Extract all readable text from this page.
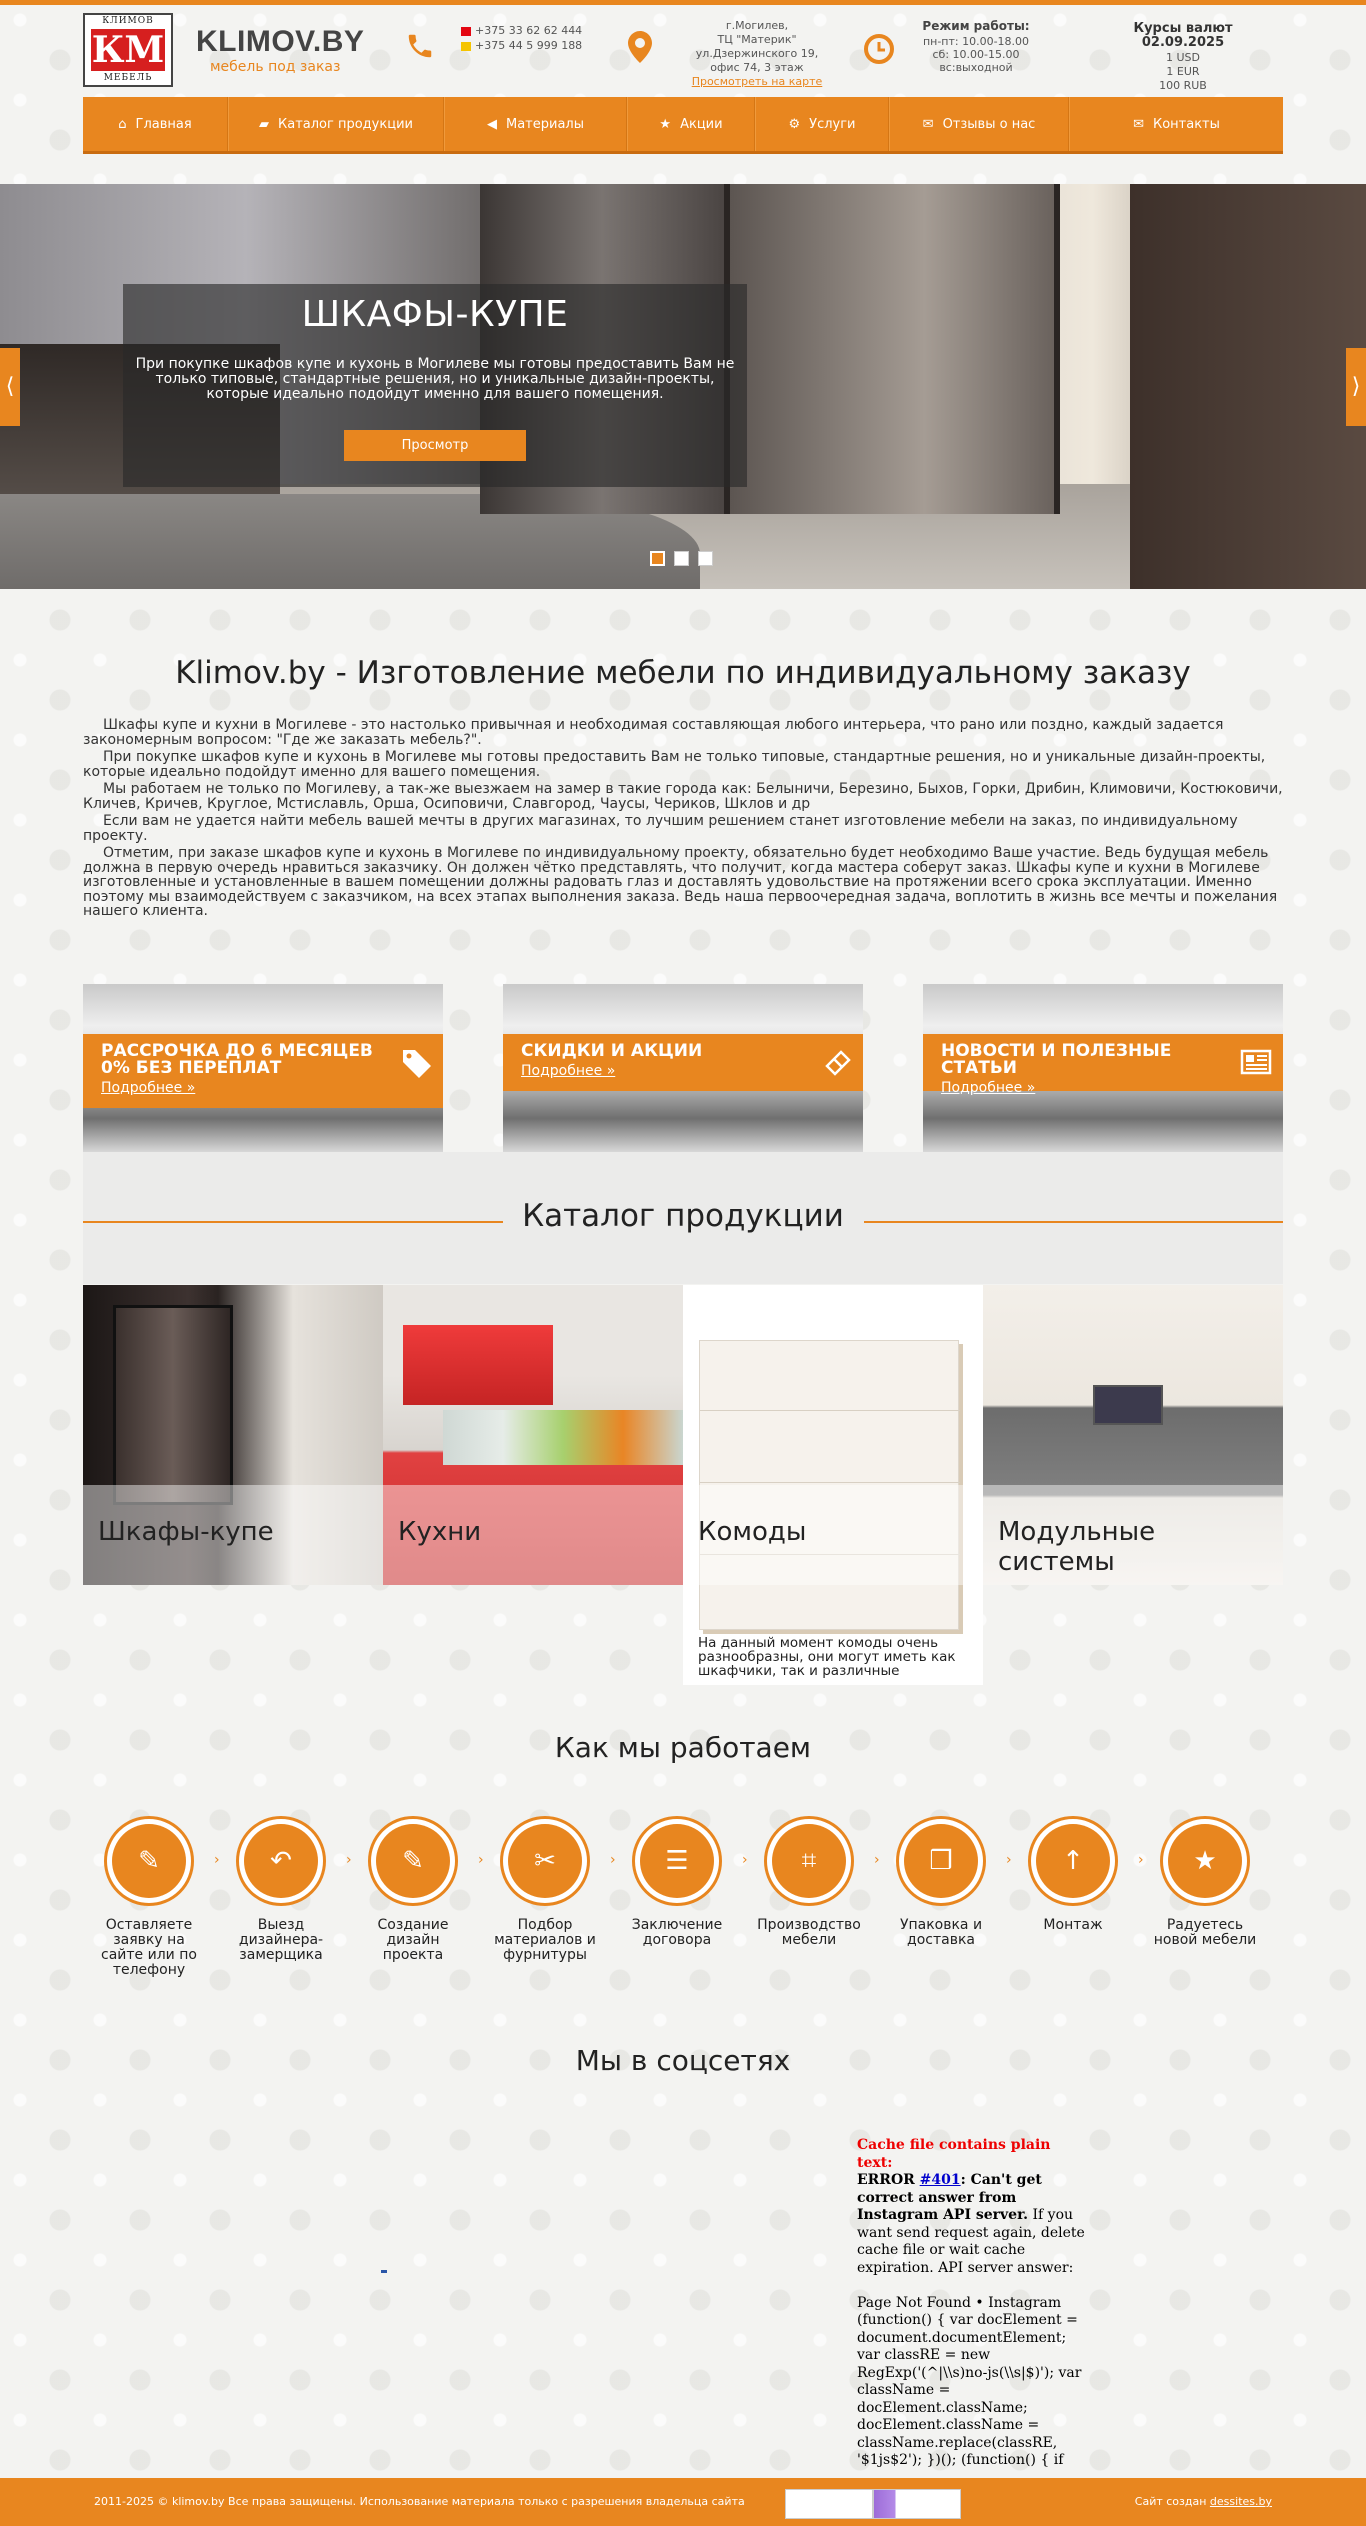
КЛИМОВ
КМ
МЕБЕЛЬ
KLIMOV.BY
мебель под заказ
+375 33 62 62 444
+375 44 5 999 188
г.Могилев,
ТЦ "Материк"
ул.Дзержинского 19,
офис 74, 3 этаж
Просмотреть на карте
Режим работы:
пн-пт: 10.00-18.00
сб: 10.00-15.00
вс:выходной
Курсы валют 02.09.2025
1 USD
1 EUR
100 RUB
⌂ Главная	▰ Каталог продукции	◀ Материалы	★ Акции	⚙ Услуги	✉ Отзывы о нас	✉ Контакты
ШКАФЫ-КУПЕ
При покупке шкафов купе и кухонь в Могилеве мы готовы предоставить Вам не только типовые, стандартные решения, но и уникальные дизайн-проекты, которые идеально подойдут именно для вашего помещения.
Просмотр
⟨	⟩
Klimov.by - Изготовление мебели по индивидуальному заказу

Шкафы купе и кухни в Могилеве - это настолько привычная и необходимая составляющая любого интерьера, что рано или поздно, каждый задается закономерным вопросом: "Где же заказать мебель?".

При покупке шкафов купе и кухонь в Могилеве мы готовы предоставить Вам не только типовые, стандартные решения, но и уникальные дизайн-проекты, которые идеально подойдут именно для вашего помещения.

Мы работаем не только по Могилеву, а так-же выезжаем на замер в такие города как: Белыничи, Березино, Быхов, Горки, Дрибин, Климовичи, Костюковичи, Кличев, Кричев, Круглое, Мстиславль, Орша, Осиповичи, Славгород, Чаусы, Чериков, Шклов и др

Если вам не удается найти мебель вашей мечты в других магазинах, то лучшим решением станет изготовление мебели на заказ, по индивидуальному проекту.

Отметим, при заказе шкафов купе и кухонь в Могилеве по индивидуальному проекту, обязательно будет необходимо Ваше участие. Ведь будущая мебель должна в первую очередь нравиться заказчику. Он должен чётко представлять, что получит, когда мастера соберут заказ. Шкафы купе и кухни в Могилеве изготовленные и установленные в вашем помещении должны радовать глаз и доставлять удовольствие на протяжении всего срока эксплуатации. Именно поэтому мы взаимодействуем с заказчиком, на всех этапах выполнения заказа. Ведь наша первоочередная задача, воплотить в жизнь все мечты и пожелания нашего клиента.

РАССРОЧКА ДО 6 МЕСЯЦЕВ 0% БЕЗ ПЕРЕПЛАТ
Подробнее »
СКИДКИ И АКЦИИ
Подробнее »
НОВОСТИ И ПОЛЕЗНЫЕ СТАТЬИ
Подробнее »
Каталог продукции
Шкафы-купе	Кухни	Комоды
На данный момент комоды очень разнообразны, они могут иметь как шкафчики, так и различные
Модульные системы
Как мы работаем
✎
Оставляете заявку на сайте или по телефону
›	↶
Выезд дизайнера-замерщика
›	✎
Создание дизайн проекта
›	✂
Подбор материалов и фурнитуры
›	☰
Заключение договора
›	⌗
Производство мебели
›	❒
Упаковка и доставка
›	↑
Монтаж
›	★
Радуетесь новой мебели
Мы в соцсетях
Cache file contains plain text:
ERROR #401: Can't get correct answer from Instagram API server. If you want send request again, delete cache file or wait cache expiration. API server answer:

Page Not Found • Instagram (function() { var docElement = document.documentElement; var classRE = new RegExp('(^|\\s)no-js(\\s|$)'); var className = docElement.className; docElement.className = className.replace(classRE, '$1js$2'); })(); (function() { if
2011-2025 © klimov.by Все права защищены. Использование материала только с разрешения владельца сайта	Сайт создан dessites.by
